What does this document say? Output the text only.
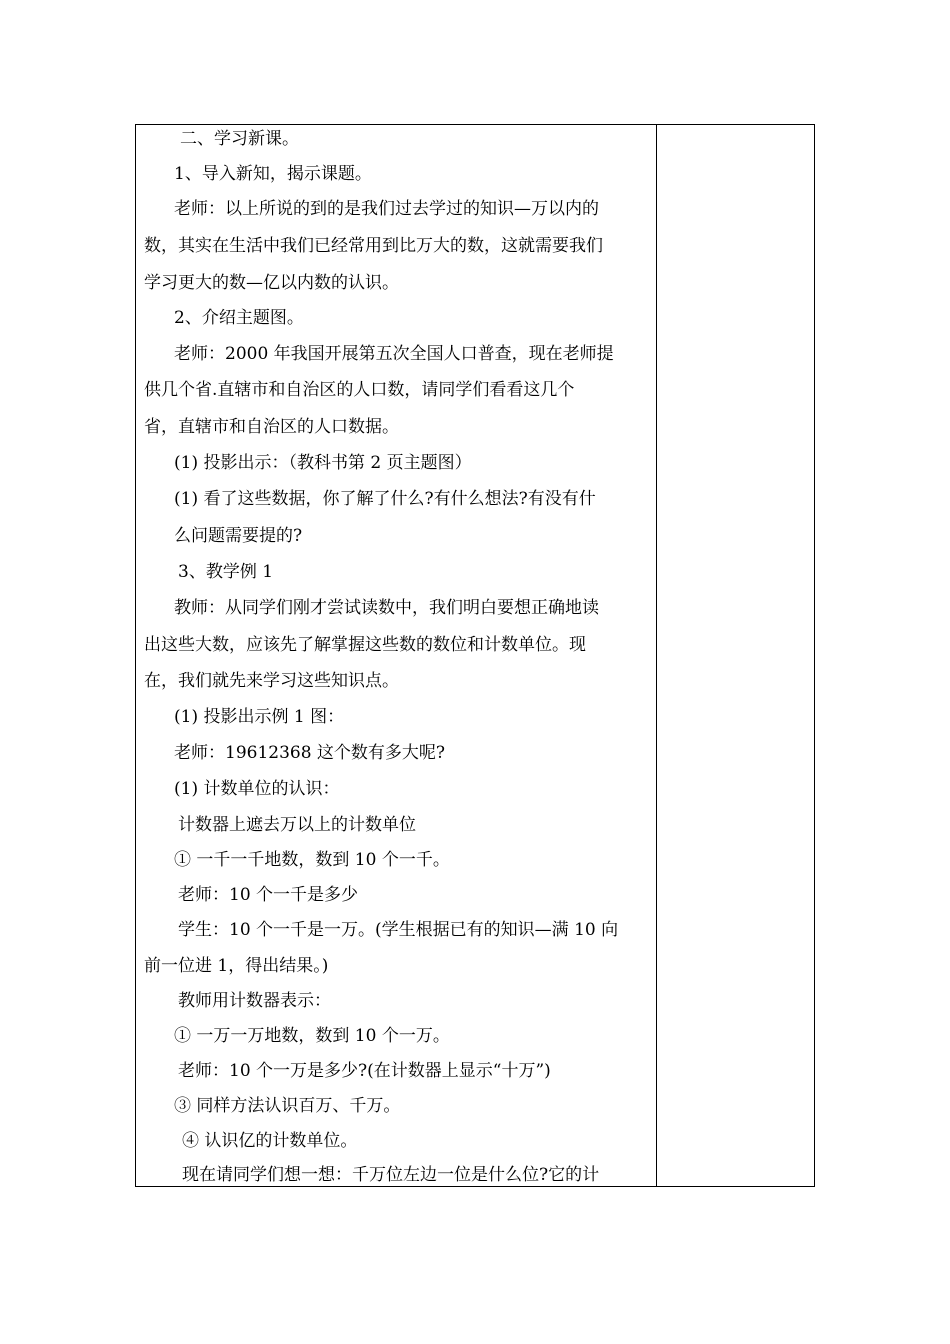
二、学习新课。
1、导入新知，揭示课题。
老师：以上所说的到的是我们过去学过的知识—万以内的
数，其实在生活中我们已经常用到比万大的数，这就需要我们
学习更大的数—亿以内数的认识。
2、介绍主题图。
老师：2000 年我国开展第五次全国人口普查，现在老师提
供几个省.直辖市和自治区的人口数，请同学们看看这几个
省，直辖市和自治区的人口数据。
(1) 投影出示：（教科书第 2 页主题图）
(1) 看了这些数据，你了解了什么?有什么想法?有没有什
么问题需要提的?
3、教学例 1
教师：从同学们刚才尝试读数中，我们明白要想正确地读
出这些大数，应该先了解掌握这些数的数位和计数单位。现
在，我们就先来学习这些知识点。
(1) 投影出示例 1 图：
老师：19612368 这个数有多大呢?
(1) 计数单位的认识：
计数器上遮去万以上的计数单位
① 一千一千地数，数到 10 个一千。
老师：10 个一千是多少
学生：10 个一千是一万。(学生根据已有的知识—满 10 向
前一位进 1，得出结果。)
教师用计数器表示：
① 一万一万地数，数到 10 个一万。
老师：10 个一万是多少?(在计数器上显示“十万”)
③ 同样方法认识百万、千万。
④ 认识亿的计数单位。
现在请同学们想一想：千万位左边一位是什么位?它的计
